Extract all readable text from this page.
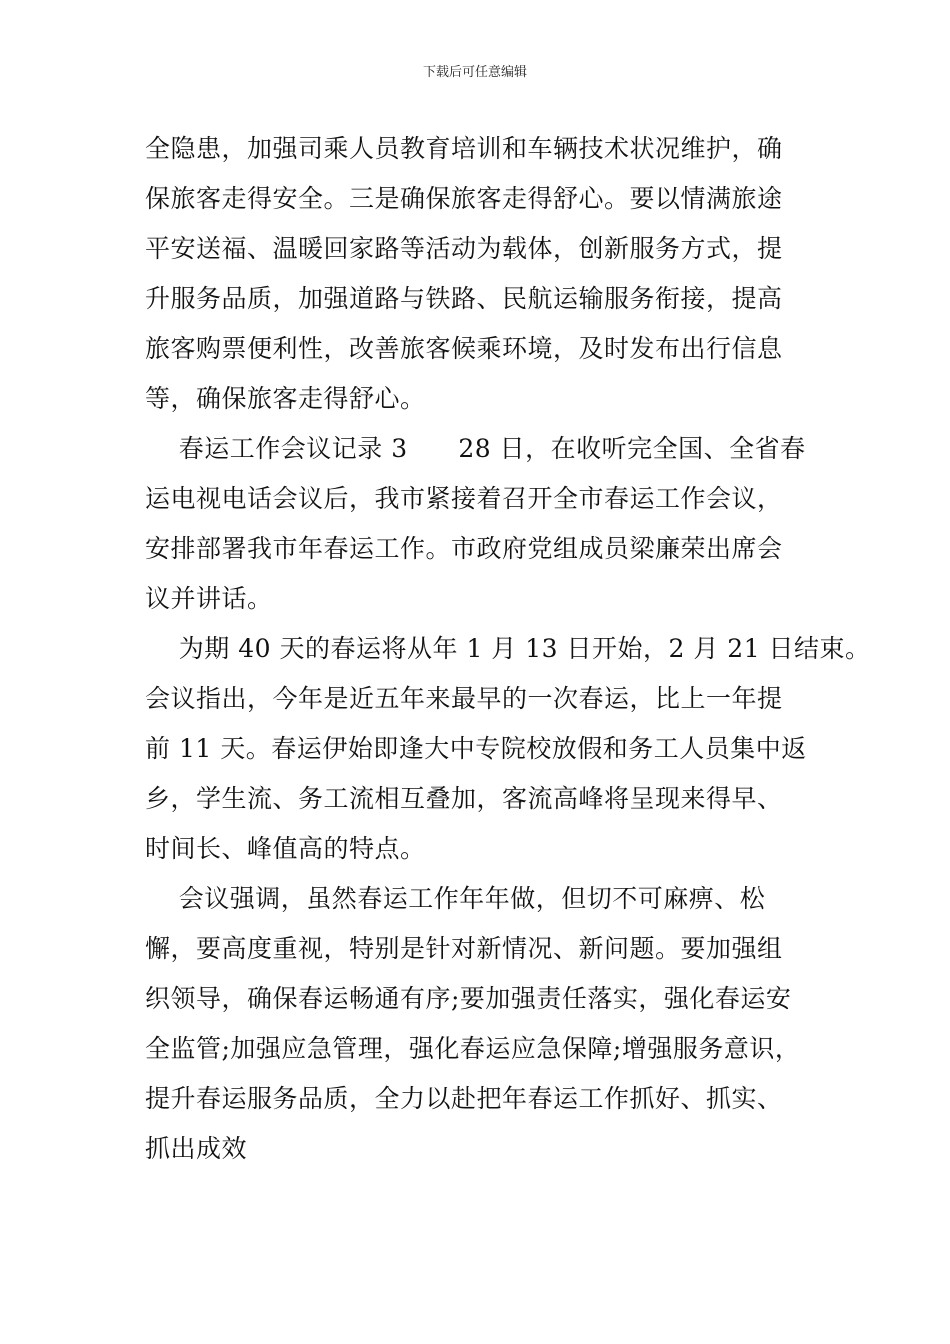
下载后可任意编辑
全隐患，加强司乘人员教育培训和车辆技术状况维护，确
保旅客走得安全。三是确保旅客走得舒心。要以情满旅途
平安送福、温暖回家路等活动为载体，创新服务方式，提
升服务品质，加强道路与铁路、民航运输服务衔接，提高
旅客购票便利性，改善旅客候乘环境，及时发布出行信息
等，确保旅客走得舒心。
春运工作会议记录 3      28 日，在收听完全国、全省春
运电视电话会议后，我市紧接着召开全市春运工作会议，
安排部署我市年春运工作。市政府党组成员梁廉荣出席会
议并讲话。
为期 40 天的春运将从年 1 月 13 日开始，2 月 21 日结束。
会议指出，今年是近五年来最早的一次春运，比上一年提
前 11 天。春运伊始即逢大中专院校放假和务工人员集中返
乡，学生流、务工流相互叠加，客流高峰将呈现来得早、
时间长、峰值高的特点。
会议强调，虽然春运工作年年做，但切不可麻痹、松
懈，要高度重视，特别是针对新情况、新问题。要加强组
织领导，确保春运畅通有序;要加强责任落实，强化春运安
全监管;加强应急管理，强化春运应急保障;增强服务意识，
提升春运服务品质，全力以赴把年春运工作抓好、抓实、
抓出成效
